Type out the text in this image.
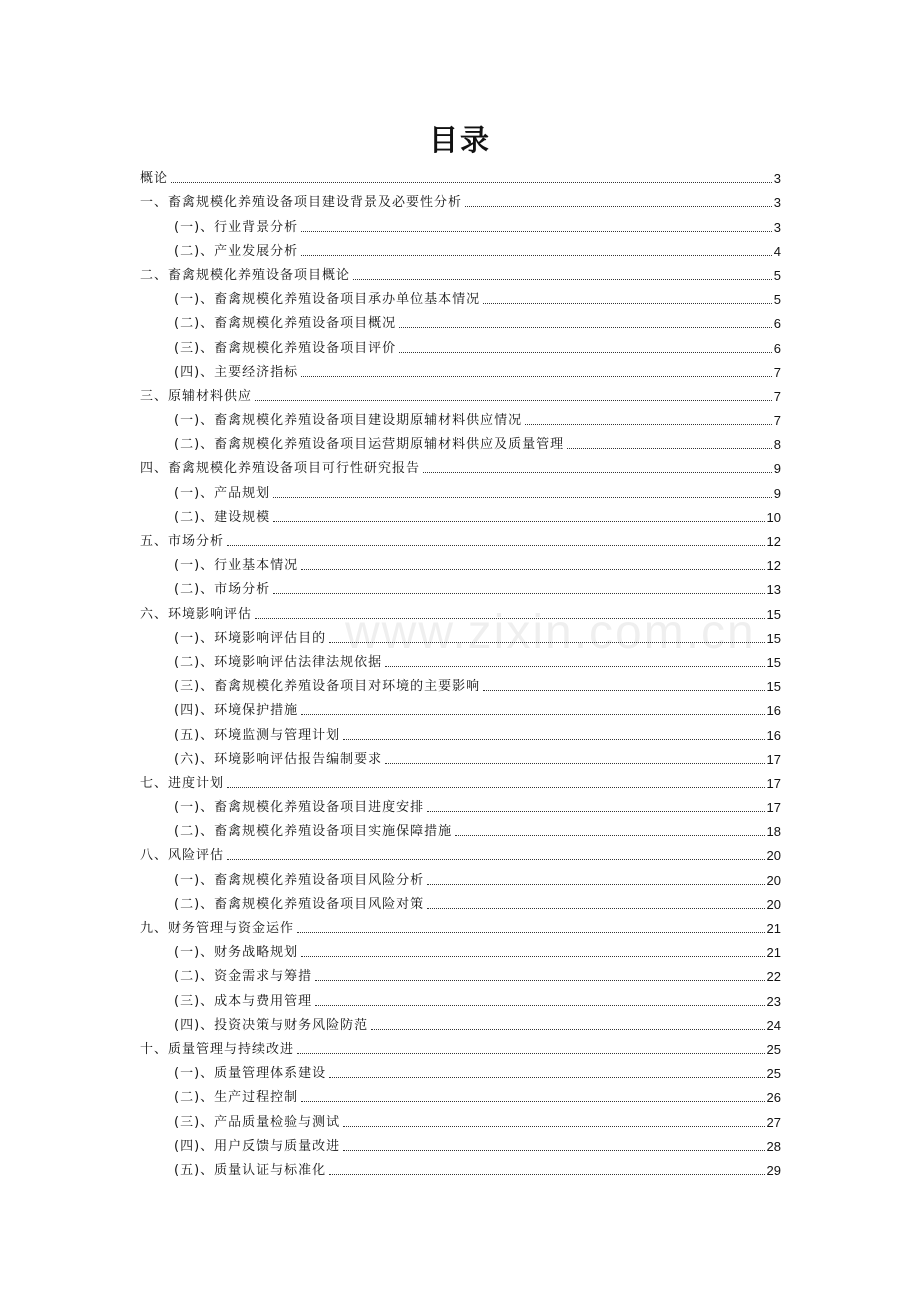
目录
www.zixin.com.cn
概论	3
一、畜禽规模化养殖设备项目建设背景及必要性分析	3
(一)、行业背景分析	3
(二)、产业发展分析	4
二、畜禽规模化养殖设备项目概论	5
(一)、畜禽规模化养殖设备项目承办单位基本情况	5
(二)、畜禽规模化养殖设备项目概况	6
(三)、畜禽规模化养殖设备项目评价	6
(四)、主要经济指标	7
三、原辅材料供应	7
(一)、畜禽规模化养殖设备项目建设期原辅材料供应情况	7
(二)、畜禽规模化养殖设备项目运营期原辅材料供应及质量管理	8
四、畜禽规模化养殖设备项目可行性研究报告	9
(一)、产品规划	9
(二)、建设规模	10
五、市场分析	12
(一)、行业基本情况	12
(二)、市场分析	13
六、环境影响评估	15
(一)、环境影响评估目的	15
(二)、环境影响评估法律法规依据	15
(三)、畜禽规模化养殖设备项目对环境的主要影响	15
(四)、环境保护措施	16
(五)、环境监测与管理计划	16
(六)、环境影响评估报告编制要求	17
七、进度计划	17
(一)、畜禽规模化养殖设备项目进度安排	17
(二)、畜禽规模化养殖设备项目实施保障措施	18
八、风险评估	20
(一)、畜禽规模化养殖设备项目风险分析	20
(二)、畜禽规模化养殖设备项目风险对策	20
九、财务管理与资金运作	21
(一)、财务战略规划	21
(二)、资金需求与筹措	22
(三)、成本与费用管理	23
(四)、投资决策与财务风险防范	24
十、质量管理与持续改进	25
(一)、质量管理体系建设	25
(二)、生产过程控制	26
(三)、产品质量检验与测试	27
(四)、用户反馈与质量改进	28
(五)、质量认证与标准化	29
